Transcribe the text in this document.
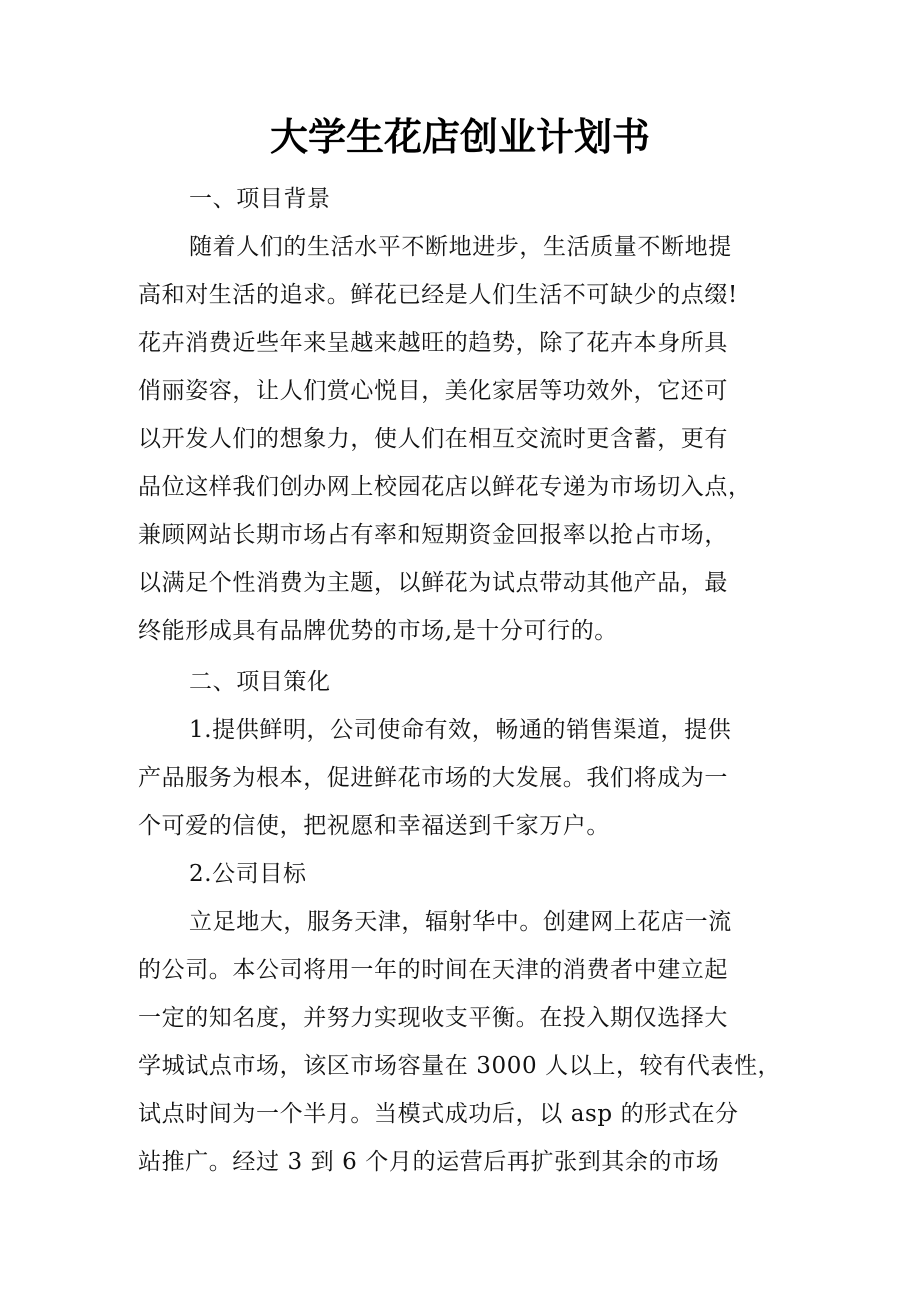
大学生花店创业计划书
一、项目背景
随着人们的生活水平不断地进步，生活质量不断地提
高和对生活的追求。鲜花已经是人们生活不可缺少的点缀!
花卉消费近些年来呈越来越旺的趋势，除了花卉本身所具
俏丽姿容，让人们赏心悦目，美化家居等功效外，它还可
以开发人们的想象力，使人们在相互交流时更含蓄，更有
品位这样我们创办网上校园花店以鲜花专递为市场切入点，
兼顾网站长期市场占有率和短期资金回报率以抢占市场，
以满足个性消费为主题，以鲜花为试点带动其他产品，最
终能形成具有品牌优势的市场,是十分可行的。
二、项目策化
1.提供鲜明，公司使命有效，畅通的销售渠道，提供
产品服务为根本，促进鲜花市场的大发展。我们将成为一
个可爱的信使，把祝愿和幸福送到千家万户。
2.公司目标
立足地大，服务天津，辐射华中。创建网上花店一流
的公司。本公司将用一年的时间在天津的消费者中建立起
一定的知名度，并努力实现收支平衡。在投入期仅选择大
学城试点市场，该区市场容量在 3000 人以上，较有代表性，
试点时间为一个半月。当模式成功后，以 asp 的形式在分
站推广。经过 3 到 6 个月的运营后再扩张到其余的市场
